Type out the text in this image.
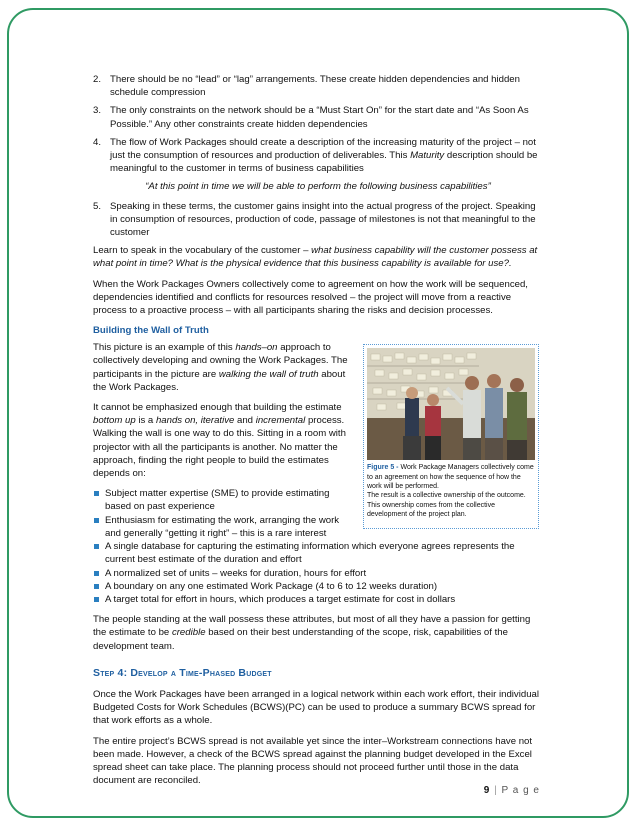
2. There should be no “lead” or “lag” arrangements. These create hidden dependencies and hidden schedule compression
3. The only constraints on the network should be a “Must Start On” for the start date and “As Soon As Possible.” Any other constraints create hidden dependencies
4. The flow of Work Packages should create a description of the increasing maturity of the project – not just the consumption of resources and production of deliverables. This Maturity description should be meaningful to the customer in terms of business capabilities
“At this point in time we will be able to perform the following business capabilities”
5. Speaking in these terms, the customer gains insight into the actual progress of the project. Speaking in consumption of resources, production of code, passage of milestones is not that meaningful to the customer

Learn to speak in the vocabulary of the customer – what business capability will the customer possess at what point in time? What is the physical evidence that this business capability is available for use?.

When the Work Packages Owners collectively come to agreement on how the work will be sequenced, dependencies identified and conflicts for resources resolved – the project will move from a reactive process to a proactive process – with all participants sharing the risks and decision processes.

Building the Wall of Truth

This picture is an example of this hands–on approach to collectively developing and owning the Work Packages. The participants in the picture are walking the wall of truth about the Work Packages.

It cannot be emphasized enough that building the estimate bottom up is a hands on, iterative and incremental process. Walking the wall is one way to do this. Sitting in a room with projector with all the participants is another. No matter the approach, finding the right people to build the estimates depends on:

Subject matter expertise (SME) to provide estimating based on past experience
Enthusiasm for estimating the work, arranging the work and generally “getting it right” – this is a rare interest
Figure 5 - Work Package Managers collectively come to an agreement on how the sequence of how the work will be performed.
The result is a collective ownership of the outcome. This ownership comes from the collective development of the project plan.
A single database for capturing the estimating information which everyone agrees represents the current best estimate of the duration and effort
A normalized set of units – weeks for duration, hours for effort
A boundary on any one estimated Work Package (4 to 6 to 12 weeks duration)
A target total for effort in hours, which produces a target estimate for cost in dollars

The people standing at the wall possess these attributes, but most of all they have a passion for getting the estimate to be credible based on their best understanding of the scope, risk, capabilities of the development team.

Step 4: Develop a Time-Phased Budget

Once the Work Packages have been arranged in a logical network within each work effort, their individual Budgeted Costs for Work Schedules (BCWS)(PC) can be used to produce a summary BCWS spread for that work efforts as a whole.

The entire project’s BCWS spread is not available yet since the inter–Workstream connections have not been made. However, a check of the BCWS spread against the planning budget developed in the Excel spread sheet can take place. The planning process should not proceed further until those in the data document are reconciled.

9 | P a g e
